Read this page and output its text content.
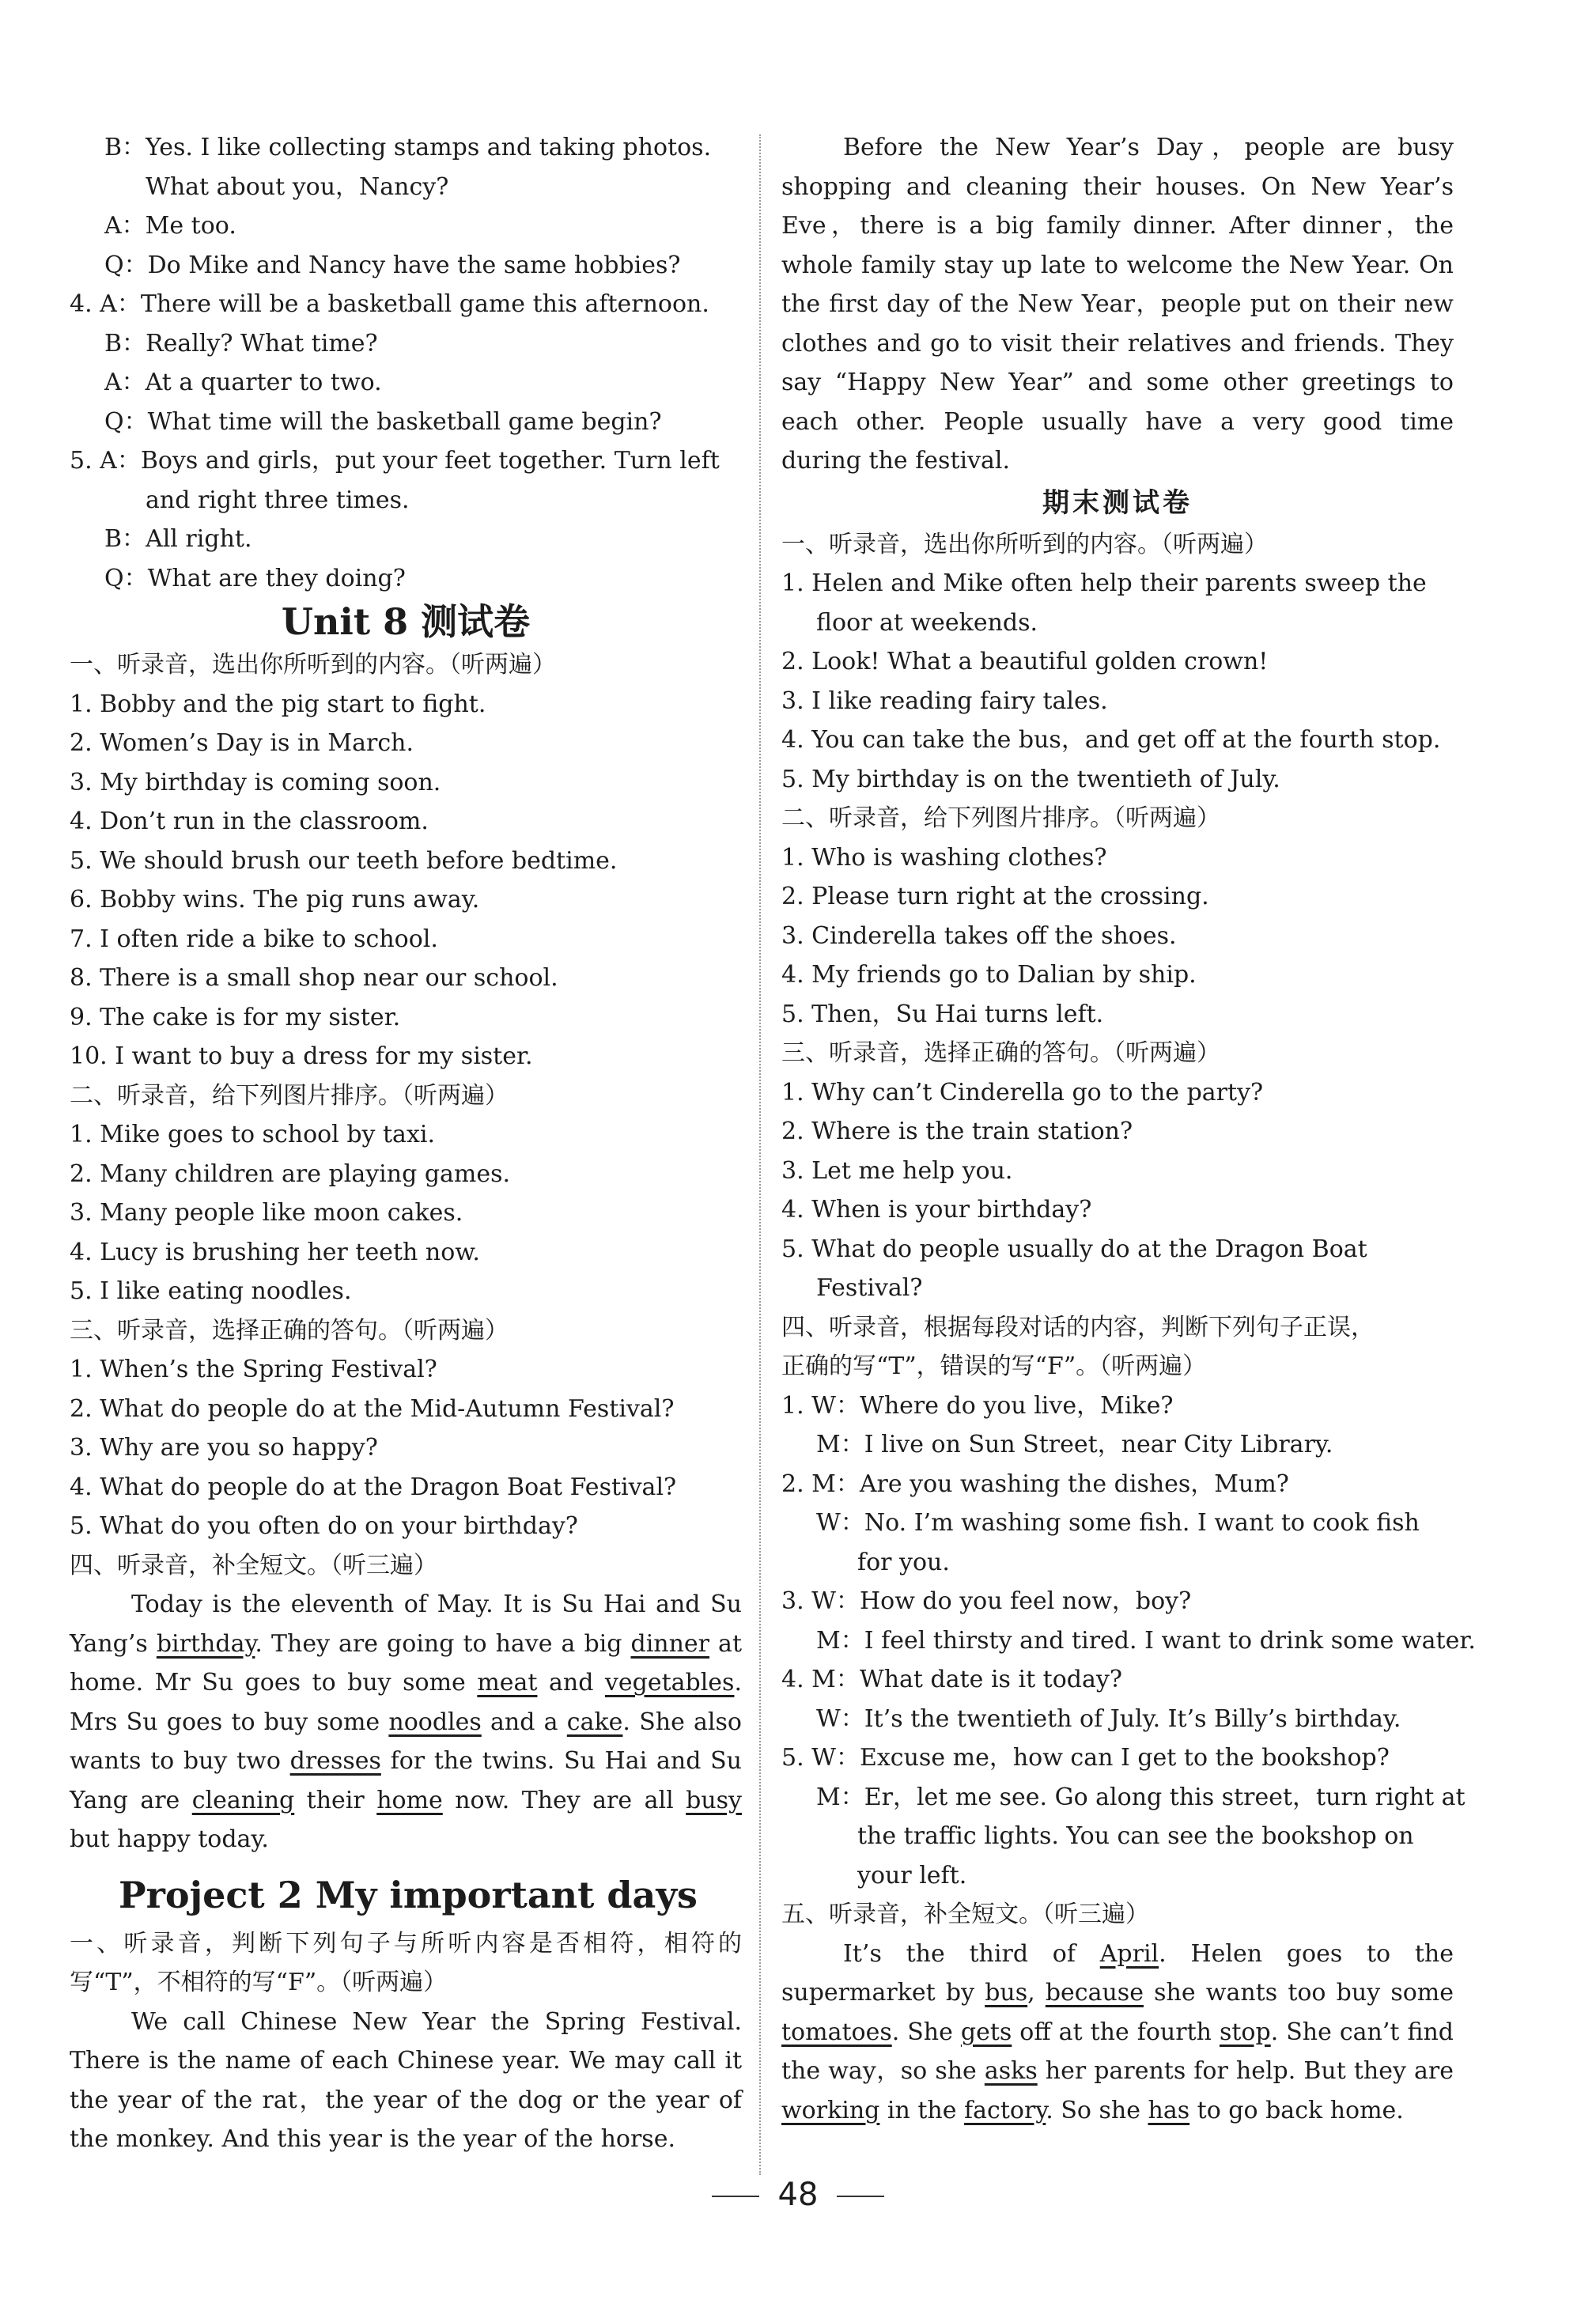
B：Yes. I like collecting stamps and taking photos.
What about you，Nancy?
A：Me too.
Q：Do Mike and Nancy have the same hobbies?
4. A：There will be a basketball game this afternoon.
B：Really? What time?
A：At a quarter to two.
Q：What time will the basketball game begin?
5. A：Boys and girls，put your feet together. Turn left
and right three times.
B：All right.
Q：What are they doing?
Unit 8 测试卷
一、听录音，选出你所听到的内容。（听两遍）
1. Bobby and the pig start to fight.
2. Women’s Day is in March.
3. My birthday is coming soon.
4. Don’t run in the classroom.
5. We should brush our teeth before bedtime.
6. Bobby wins. The pig runs away.
7. I often ride a bike to school.
8. There is a small shop near our school.
9. The cake is for my sister.
10. I want to buy a dress for my sister.
二、听录音，给下列图片排序。（听两遍）
1. Mike goes to school by taxi.
2. Many children are playing games.
3. Many people like moon cakes.
4. Lucy is brushing her teeth now.
5. I like eating noodles.
三、听录音，选择正确的答句。（听两遍）
1. When’s the Spring Festival?
2. What do people do at the Mid-Autumn Festival?
3. Why are you so happy?
4. What do people do at the Dragon Boat Festival?
5. What do you often do on your birthday?
四、听录音，补全短文。（听三遍）
Today is the eleventh of May. It is Su Hai and Su Yang’s birthday. They are going to have a big dinner at home. Mr Su goes to buy some meat and vegetables. Mrs Su goes to buy some noodles and a cake. She also wants to buy two dresses for the twins. Su Hai and Su Yang are cleaning their home now. They are all busy but happy today.
Project 2 My important days
一、听录音，判断下列句子与所听内容是否相符，相符的写“T”，不相符的写“F”。（听两遍）
We call Chinese New Year the Spring Festival. There is the name of each Chinese year. We may call it the year of the rat，the year of the dog or the year of the monkey. And this year is the year of the horse.
Before the New Year’s Day，people are busy shopping and cleaning their houses. On New Year’s Eve，there is a big family dinner. After dinner，the whole family stay up late to welcome the New Year. On the first day of the New Year，people put on their new clothes and go to visit their relatives and friends. They say “Happy New Year” and some other greetings to each other. People usually have a very good time during the festival.
期末测试卷
一、听录音，选出你所听到的内容。（听两遍）
1. Helen and Mike often help their parents sweep the
floor at weekends.
2. Look! What a beautiful golden crown!
3. I like reading fairy tales.
4. You can take the bus，and get off at the fourth stop.
5. My birthday is on the twentieth of July.
二、听录音，给下列图片排序。（听两遍）
1. Who is washing clothes?
2. Please turn right at the crossing.
3. Cinderella takes off the shoes.
4. My friends go to Dalian by ship.
5. Then，Su Hai turns left.
三、听录音，选择正确的答句。（听两遍）
1. Why can’t Cinderella go to the party?
2. Where is the train station?
3. Let me help you.
4. When is your birthday?
5. What do people usually do at the Dragon Boat
Festival?
四、听录音，根据每段对话的内容，判断下列句子正误，
正确的写“T”，错误的写“F”。（听两遍）
1. W：Where do you live，Mike?
M：I live on Sun Street，near City Library.
2. M：Are you washing the dishes，Mum?
W：No. I’m washing some fish. I want to cook fish
for you.
3. W：How do you feel now，boy?
M：I feel thirsty and tired. I want to drink some water.
4. M：What date is it today?
W：It’s the twentieth of July. It’s Billy’s birthday.
5. W：Excuse me，how can I get to the bookshop?
M：Er，let me see. Go along this street，turn right at
the traffic lights. You can see the bookshop on
your left.
五、听录音，补全短文。（听三遍）
It’s the third of April. Helen goes to the supermarket by bus, because she wants too buy some tomatoes. She gets off at the fourth stop. She can’t find the way，so she asks her parents for help. But they are working in the factory. So she has to go back home.
48
